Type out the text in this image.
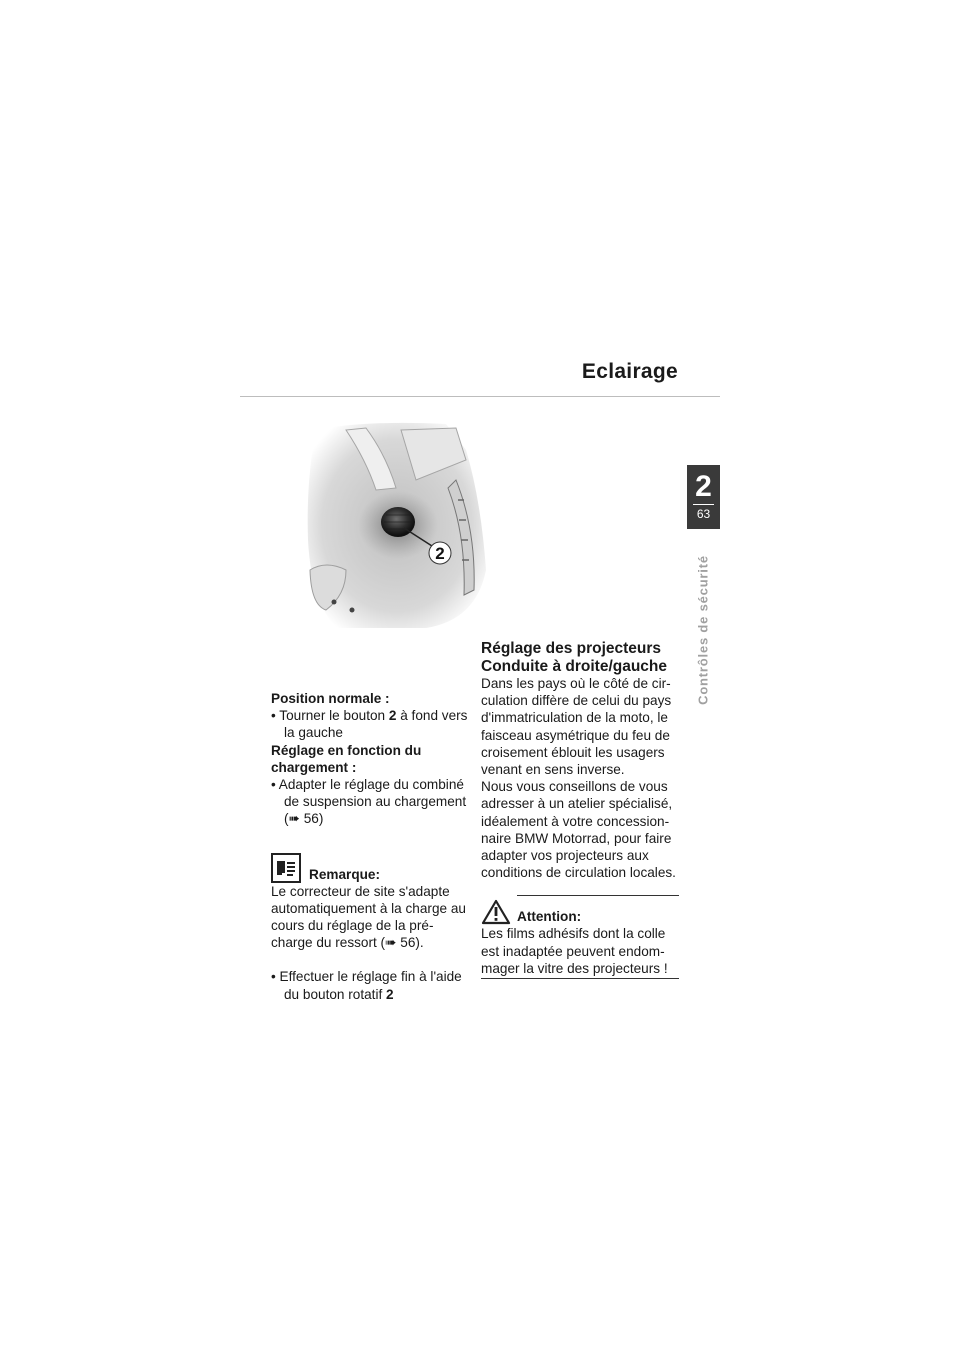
Eclairage
2
63
Contrôles de sécurité
2
Position normale :
• Tourner le bouton 2 à fond vers la gauche
Réglage en fonction du chargement :
• Adapter le réglage du combiné de suspension au chargement (➠ 56)
Remarque:
Le correcteur de site s'adapte automatiquement à la charge au cours du réglage de la pré-charge du ressort (➠ 56).
• Effectuer le réglage fin à l'aide du bouton rotatif 2
Réglage des projecteurs Conduite à droite/gauche
Dans les pays où le côté de cir-culation diffère de celui du pays d'immatriculation de la moto, le faisceau asymétrique du feu de croisement éblouit les usagers venant en sens inverse.
Nous vous conseillons de vous adresser à un atelier spécialisé, idéalement à votre concession-naire BMW Motorrad, pour faire adapter vos projecteurs aux conditions de circulation locales.
Attention:
Les films adhésifs dont la colle est inadaptée peuvent endom-mager la vitre des projecteurs !
